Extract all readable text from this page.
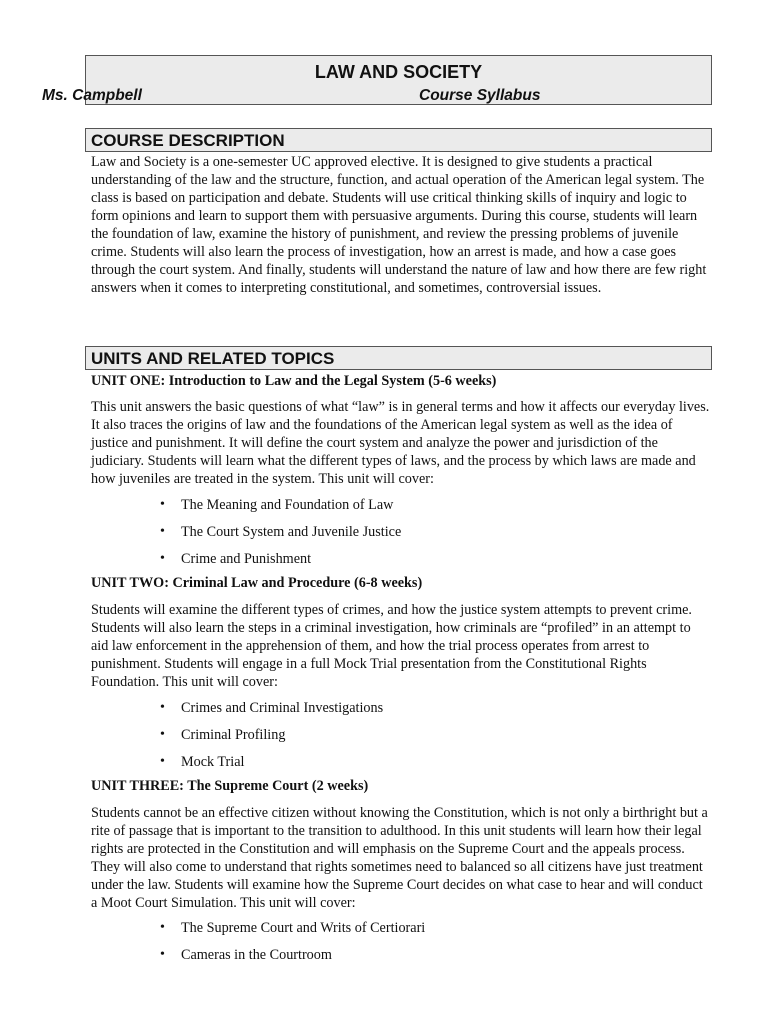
LAW AND SOCIETY
Ms. Campbell	Course Syllabus
COURSE DESCRIPTION

Law and Society is a one-semester UC approved elective. It is designed to give students a practical understanding of the law and the structure, function, and actual operation of the American legal system. The class is based on participation and debate. Students will use critical thinking skills of inquiry and logic to form opinions and learn to support them with persuasive arguments. During this course, students will learn the foundation of law, examine the history of punishment, and review the pressing problems of juvenile crime. Students will also learn the process of investigation, how an arrest is made, and how a case goes through the court system. And finally, students will understand the nature of law and how there are few right answers when it comes to interpreting constitutional, and sometimes, controversial issues.

UNITS AND RELATED TOPICS

UNIT ONE: Introduction to Law and the Legal System (5-6 weeks)

This unit answers the basic questions of what “law” is in general terms and how it affects our everyday lives. It also traces the origins of law and the foundations of the American legal system as well as the idea of justice and punishment. It will define the court system and analyze the power and jurisdiction of the judiciary. Students will learn what the different types of laws, and the process by which laws are made and how juveniles are treated in the system. This unit will cover:

• The Meaning and Foundation of Law
• The Court System and Juvenile Justice
• Crime and Punishment

UNIT TWO: Criminal Law and Procedure (6-8 weeks)

Students will examine the different types of crimes, and how the justice system attempts to prevent crime. Students will also learn the steps in a criminal investigation, how criminals are “profiled” in an attempt to aid law enforcement in the apprehension of them, and how the trial process operates from arrest to punishment. Students will engage in a full Mock Trial presentation from the Constitutional Rights Foundation. This unit will cover:

• Crimes and Criminal Investigations
• Criminal Profiling
• Mock Trial

UNIT THREE: The Supreme Court (2 weeks)

Students cannot be an effective citizen without knowing the Constitution, which is not only a birthright but a rite of passage that is important to the transition to adulthood. In this unit students will learn how their legal rights are protected in the Constitution and will emphasis on the Supreme Court and the appeals process. They will also come to understand that rights sometimes need to balanced so all citizens have just treatment under the law. Students will examine how the Supreme Court decides on what case to hear and will conduct a Moot Court Simulation. This unit will cover:

• The Supreme Court and Writs of Certiorari
• Cameras in the Courtroom
